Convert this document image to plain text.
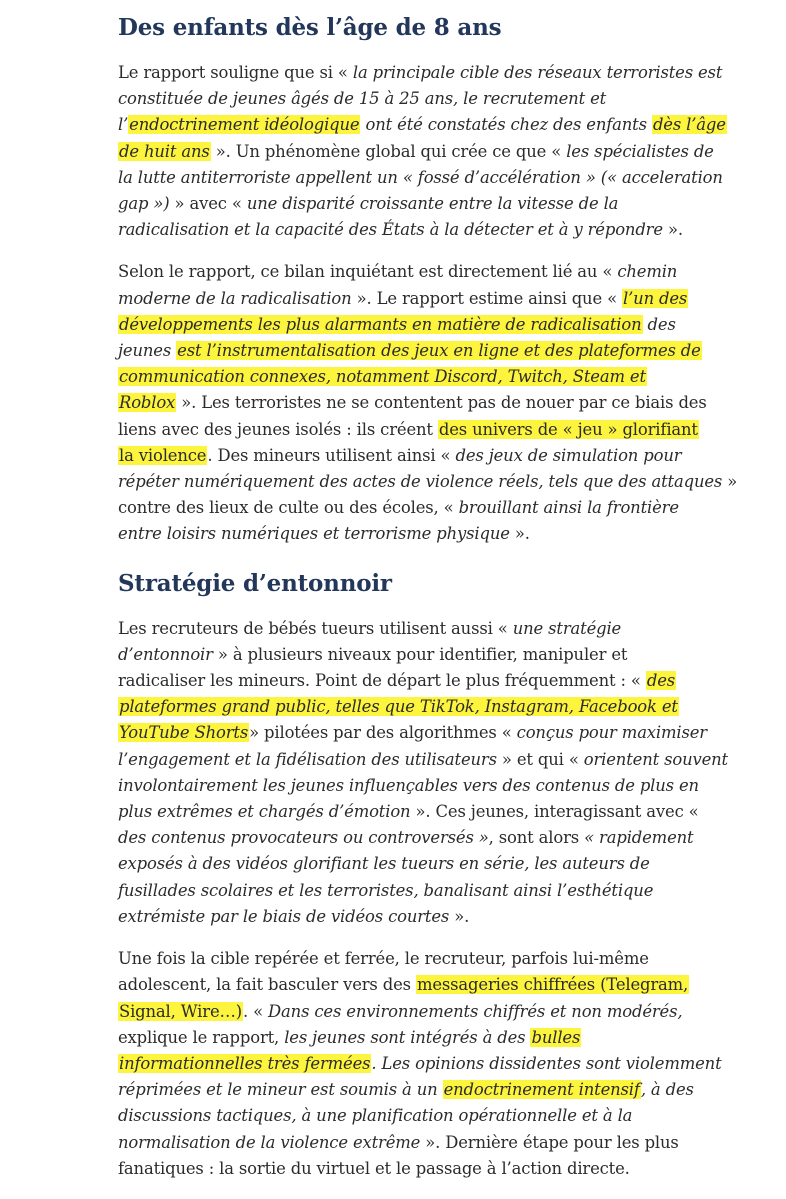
Des enfants dès l’âge de 8 ans

Le rapport souligne que si « la principale cible des réseaux terroristes est
constituée de jeunes âgés de 15 à 25 ans, le recrutement et
l’endoctrinement idéologique ont été constatés chez des enfants dès l’âge
de huit ans ». Un phénomène global qui crée ce que « les spécialistes de
la lutte antiterroriste appellent un « fossé d’accélération » (« acceleration
gap ») » avec « une disparité croissante entre la vitesse de la
radicalisation et la capacité des États à la détecter et à y répondre ».

Selon le rapport, ce bilan inquiétant est directement lié au « chemin
moderne de la radicalisation ». Le rapport estime ainsi que « l’un des
développements les plus alarmants en matière de radicalisation des
jeunes est l’instrumentalisation des jeux en ligne et des plateformes de
communication connexes, notamment Discord, Twitch, Steam et
Roblox ». Les terroristes ne se contentent pas de nouer par ce biais des
liens avec des jeunes isolés : ils créent des univers de « jeu » glorifiant
la violence. Des mineurs utilisent ainsi « des jeux de simulation pour
répéter numériquement des actes de violence réels, tels que des attaques »
contre des lieux de culte ou des écoles, « brouillant ainsi la frontière
entre loisirs numériques et terrorisme physique ».

Stratégie d’entonnoir

Les recruteurs de bébés tueurs utilisent aussi « une stratégie
d’entonnoir » à plusieurs niveaux pour identifier, manipuler et
radicaliser les mineurs. Point de départ le plus fréquemment : « des
plateformes grand public, telles que TikTok, Instagram, Facebook et
YouTube Shorts» pilotées par des algorithmes « conçus pour maximiser
l’engagement et la fidélisation des utilisateurs » et qui « orientent souvent
involontairement les jeunes influençables vers des contenus de plus en
plus extrêmes et chargés d’émotion ». Ces jeunes, interagissant avec «
des contenus provocateurs ou controversés », sont alors « rapidement
exposés à des vidéos glorifiant les tueurs en série, les auteurs de
fusillades scolaires et les terroristes, banalisant ainsi l’esthétique
extrémiste par le biais de vidéos courtes ».

Une fois la cible repérée et ferrée, le recruteur, parfois lui-même
adolescent, la fait basculer vers des messageries chiffrées (Telegram,
Signal, Wire…). « Dans ces environnements chiffrés et non modérés,
explique le rapport, les jeunes sont intégrés à des bulles
informationnelles très fermées. Les opinions dissidentes sont violemment
réprimées et le mineur est soumis à un endoctrinement intensif, à des
discussions tactiques, à une planification opérationnelle et à la
normalisation de la violence extrême ». Dernière étape pour les plus
fanatiques : la sortie du virtuel et le passage à l’action directe.
